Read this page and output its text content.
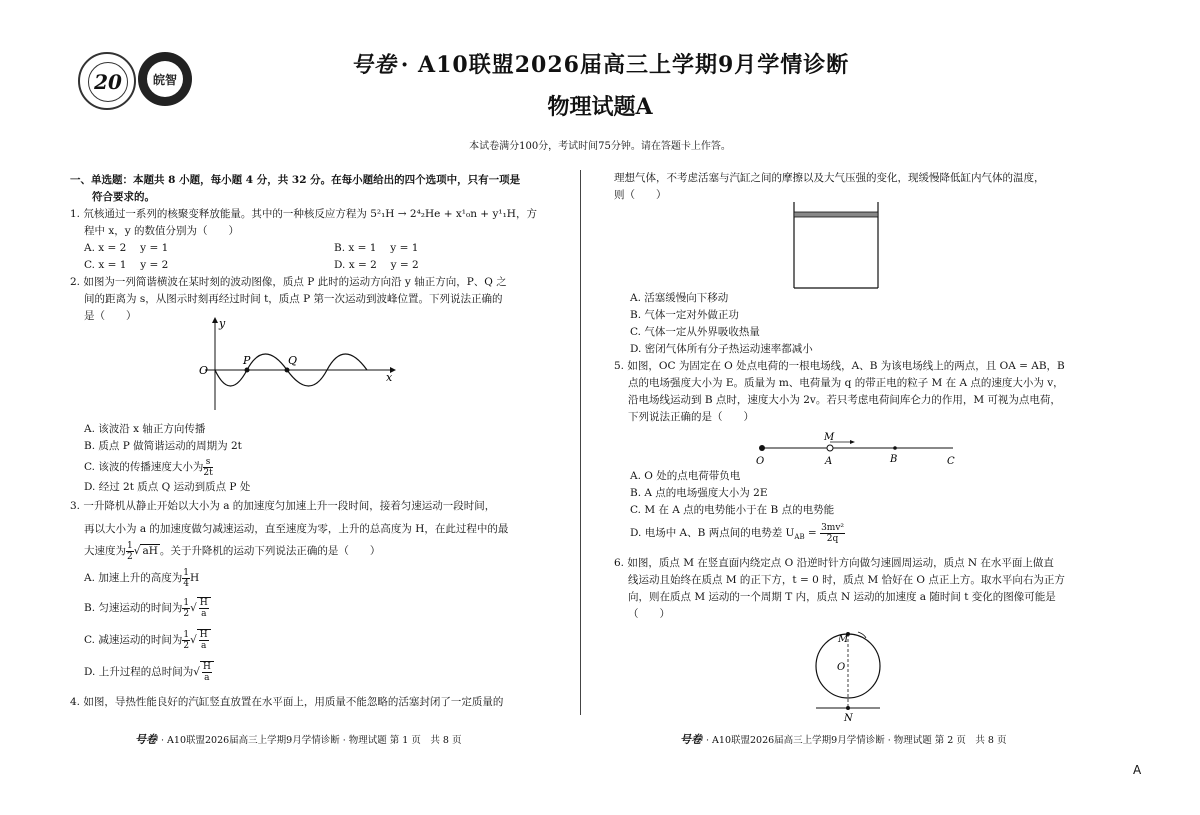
20	皖智
号卷 · A10联盟2026届高三上学期9月学情诊断
物理试题A
本试卷满分100分，考试时间75分钟。请在答题卡上作答。

一、单选题：本题共 8 小题，每小题 4 分，共 32 分。在每小题给出的四个选项中，只有一项是

符合要求的。

1. 氘核通过一系列的核聚变释放能量。其中的一种核反应方程为 5²₁H → 2⁴₂He + x¹₀n + y¹₁H，方

程中 x，y 的数值分别为（　　）

A. x = 2　 y = 1	B. x = 1　 y = 1
C. x = 1　 y = 2	D. x = 2　 y = 2

2. 如图为一列简谐横波在某时刻的波动图像，质点 P 此时的运动方向沿 y 轴正方向，P、Q 之

间的距离为 s，从图示时刻再经过时间 t，质点 P 第一次运动到波峰位置。下列说法正确的

是（　　）

A. 该波沿 x 轴正方向传播

B. 质点 P 做简谐运动的周期为 2t

C. 该波的传播速度大小为 $\frac{s}{2t}$

D. 经过 2t 质点 Q 运动到质点 P 处

3. 一升降机从静止开始以大小为 a 的加速度匀加速上升一段时间，接着匀速运动一段时间，

再以大小为 a 的加速度做匀减速运动，直至速度为零，上升的总高度为 H，在此过程中的最

大速度为 $\frac{1}{2}$ √ aH 。关于升降机的运动下列说法正确的是（　　）

A. 加速上升的高度为 $\frac{1}{4}$ H

B. 匀速运动的时间为 $\frac{1}{2}$ √ $\frac{H}{a}$

C. 减速运动的时间为 $\frac{1}{2}$ √ $\frac{H}{a}$

D. 上升过程的总时间为√ $\frac{H}{a}$

4. 如图，导热性能良好的汽缸竖直放置在水平面上，用质量不能忽略的活塞封闭了一定质量的

y
x
O
P	Q

理想气体，不考虑活塞与汽缸之间的摩擦以及大气压强的变化，现缓慢降低缸内气体的温度，

则（　　）

A. 活塞缓慢向下移动

B. 气体一定对外做正功

C. 气体一定从外界吸收热量

D. 密闭气体所有分子热运动速率都减小

5. 如图，OC 为固定在 O 处点电荷的一根电场线，A、B 为该电场线上的两点，且 OA = AB，B

点的电场强度大小为 E。质量为 m、电荷量为 q 的带正电的粒子 M 在 A 点的速度大小为 v，

沿电场线运动到 B 点时，速度大小为 2v。若只考虑电荷间库仑力的作用，M 可视为点电荷，

下列说法正确的是（　　）

A. O 处的点电荷带负电

B. A 点的电场强度大小为 2E

C. M 在 A 点的电势能小于在 B 点的电势能

D. 电场中 A、B 两点间的电势差 $U_{AB} = \frac{\text{3mv²}}{2q}$

6. 如图，质点 M 在竖直面内绕定点 O 沿逆时针方向做匀速圆周运动，质点 N 在水平面上做直

线运动且始终在质点 M 的正下方，t = 0 时，质点 M 恰好在 O 点正上方。取水平向右为正方

向，则在质点 M 运动的一个周期 T 内，质点 N 运动的加速度 a 随时间 t 变化的图像可能是

（　　）

O	A	B	C
M
M
O
N
号卷 · A10联盟2026届高三上学期9月学情诊断 · 物理试题 第 1 页　共 8 页	号卷 · A10联盟2026届高三上学期9月学情诊断 · 物理试题 第 2 页　共 8 页
A
